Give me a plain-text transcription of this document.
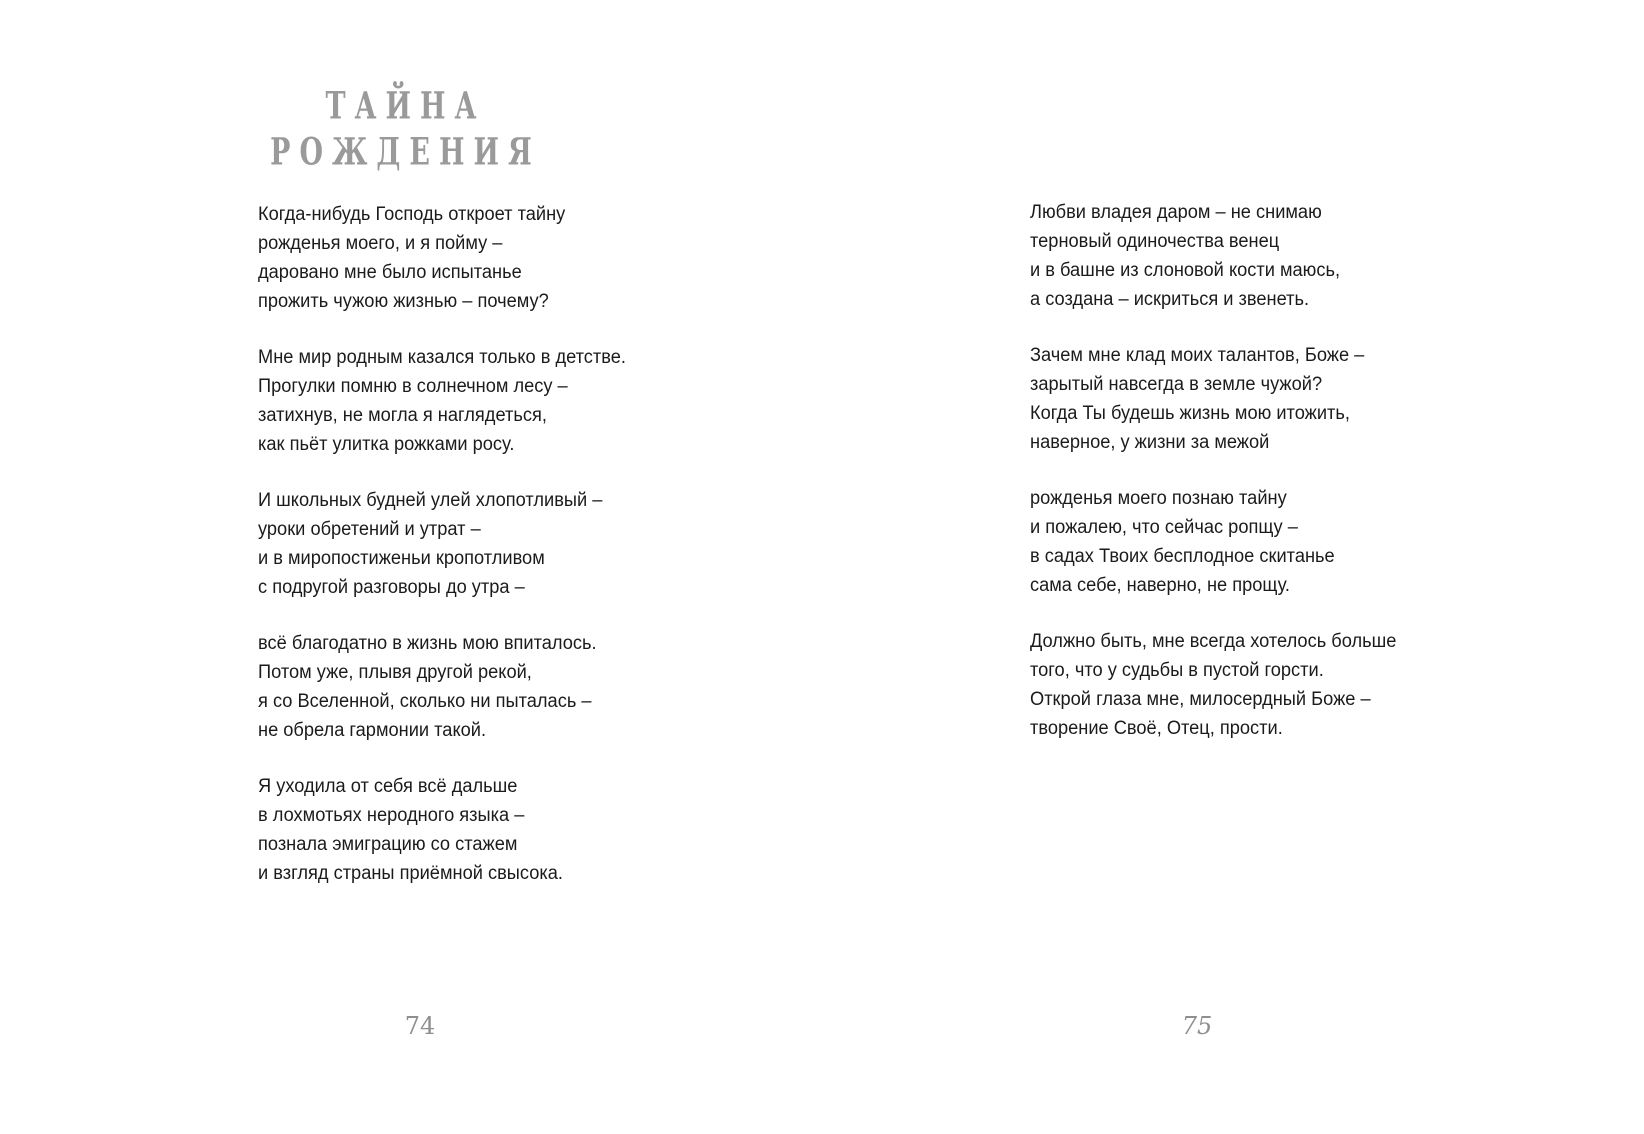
ТАЙНА
РОЖДЕНИЯ
Когда-нибудь Господь откроет тайну
рожденья моего, и я пойму –
даровано мне было испытанье
прожить чужою жизнью – почему?
Мне мир родным казался только в детстве.
Прогулки помню в солнечном лесу –
затихнув, не могла я наглядеться,
как пьёт улитка рожками росу.
И школьных будней улей хлопотливый –
уроки обретений и утрат –
и в миропостиженьи кропотливом
с подругой разговоры до утра –
всё благодатно в жизнь мою впиталось.
Потом уже, плывя другой рекой,
я со Вселенной, сколько ни пыталась –
не обрела гармонии такой.
Я уходила от себя всё дальше
в лохмотьях неродного языка –
познала эмиграцию со стажем
и взгляд страны приёмной свысока.
74
Любви владея даром – не снимаю
терновый одиночества венец
и в башне из слоновой кости маюсь,
а создана – искриться и звенеть.
Зачем мне клад моих талантов, Боже –
зарытый навсегда в земле чужой?
Когда Ты будешь жизнь мою итожить,
наверное, у жизни за межой
рожденья моего познаю тайну
и пожалею, что сейчас ропщу –
в садах Твоих бесплодное скитанье
сама себе, наверно, не прощу.
Должно быть, мне всегда хотелось больше
того, что у судьбы в пустой горсти.
Открой глаза мне, милосердный Боже –
творение Своё, Отец, прости.
75
